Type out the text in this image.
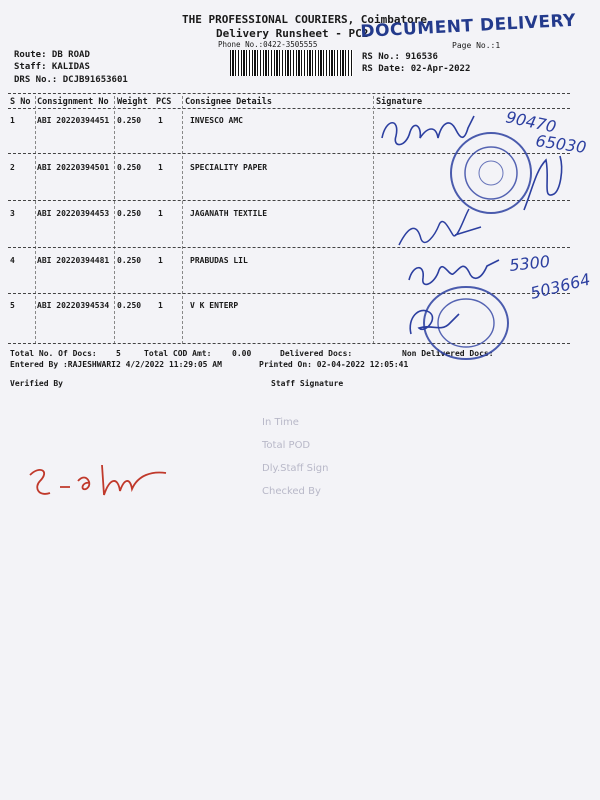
THE PROFESSIONAL COURIERS, Coimbatore
Delivery Runsheet - PC2
Phone No.:0422-3505555
DOCUMENT DELIVERY
Page No.:1
Route: DB ROAD
Staff: KALIDAS
DRS No.: DCJB91653601
RS No.: 916536
RS Date: 02-Apr-2022
S No Consignment No Weight PCS Consignee Details	Signature
1	ABI 20220394451 0.250 1	INVESCO AMC
2	ABI 20220394501 0.250 1	SPECIALITY PAPER
3	ABI 20220394453 0.250 1	JAGANATH TEXTILE
4	ABI 20220394481 0.250 1	PRABUDAS LIL
5	ABI 20220394534 0.250 1	V K ENTERP
Total No. Of Docs: 5	Total COD Amt:	0.00	Delivered Docs:	Non Delivered Docs:
Entered By :RAJESHWARI2 4/2/2022 11:29:05 AM	Printed On: 02-04-2022 12:05:41
Verified By	Staff Signature
In Time
Total POD
Dly.Staff Sign
Checked By
90470
65030
5300
503664
